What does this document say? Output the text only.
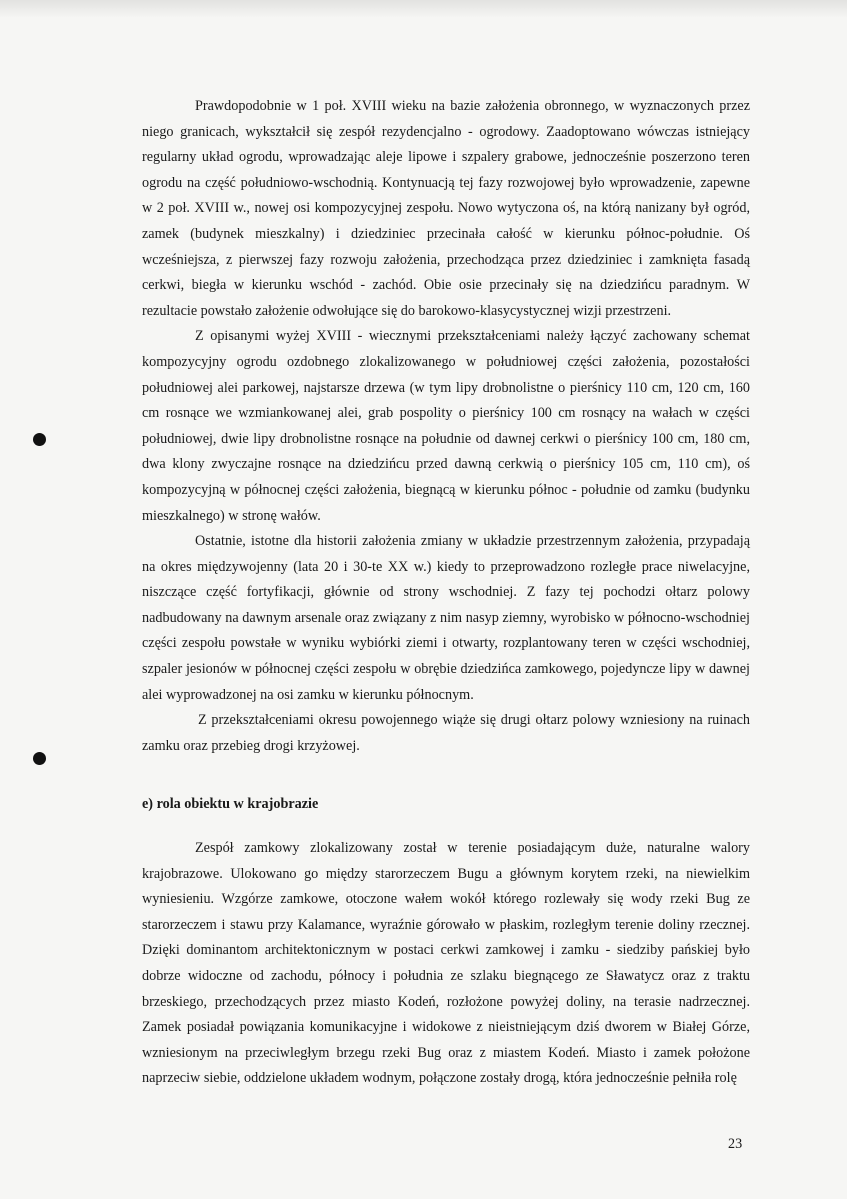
Prawdopodobnie w 1 poł. XVIII wieku na bazie założenia obronnego, w wyznaczonych przez niego granicach, wykształcił się zespół rezydencjalno - ogrodowy. Zaadoptowano wówczas istniejący regularny układ ogrodu, wprowadzając aleje lipowe i szpalery grabowe, jednocześnie poszerzono teren ogrodu na część południowo-wschodnią. Kontynuacją tej fazy rozwojowej było wprowadzenie, zapewne w 2 poł. XVIII w., nowej osi kompozycyjnej zespołu. Nowo wytyczona oś, na którą nanizany był ogród, zamek (budynek mieszkalny) i dziedziniec przecinała całość w kierunku północ-południe. Oś wcześniejsza, z pierwszej fazy rozwoju założenia, przechodząca przez dziedziniec i zamknięta fasadą cerkwi, biegła w kierunku wschód - zachód. Obie osie przecinały się na dziedzińcu paradnym. W rezultacie powstało założenie odwołujące się do barokowo-klasycystycznej wizji przestrzeni.

Z opisanymi wyżej XVIII - wiecznymi przekształceniami należy łączyć zachowany schemat kompozycyjny ogrodu ozdobnego zlokalizowanego w południowej części założenia, pozostałości południowej alei parkowej, najstarsze drzewa (w tym lipy drobnolistne o pierśnicy 110 cm, 120 cm, 160 cm rosnące we wzmiankowanej alei, grab pospolity o pierśnicy 100 cm rosnący na wałach w części południowej, dwie lipy drobnolistne rosnące na południe od dawnej cerkwi o pierśnicy 100 cm, 180 cm, dwa klony zwyczajne rosnące na dziedzińcu przed dawną cerkwią o pierśnicy 105 cm, 110 cm), oś kompozycyjną w północnej części założenia, biegnącą w kierunku północ - południe od zamku (budynku mieszkalnego) w stronę wałów.

Ostatnie, istotne dla historii założenia zmiany w układzie przestrzennym założenia, przypadają na okres międzywojenny (lata 20 i 30-te XX w.) kiedy to przeprowadzono rozległe prace niwelacyjne, niszczące część fortyfikacji, głównie od strony wschodniej. Z fazy tej pochodzi ołtarz polowy nadbudowany na dawnym arsenale oraz związany z nim nasyp ziemny, wyrobisko w północno-wschodniej części zespołu powstałe w wyniku wybiórki ziemi i otwarty, rozplantowany teren w części wschodniej, szpaler jesionów w północnej części zespołu w obrębie dziedzińca zamkowego, pojedyncze lipy w dawnej alei wyprowadzonej na osi zamku w kierunku północnym.

Z przekształceniami okresu powojennego wiąże się drugi ołtarz polowy wzniesiony na ruinach zamku oraz przebieg drogi krzyżowej.

e) rola obiektu w krajobrazie

Zespół zamkowy zlokalizowany został w terenie posiadającym duże, naturalne walory krajobrazowe. Ulokowano go między starorzeczem Bugu a głównym korytem rzeki, na niewielkim wyniesieniu. Wzgórze zamkowe, otoczone wałem wokół którego rozlewały się wody rzeki Bug ze starorzeczem i stawu przy Kalamance, wyraźnie górowało w płaskim, rozległym terenie doliny rzecznej. Dzięki dominantom architektonicznym w postaci cerkwi zamkowej i zamku - siedziby pańskiej było dobrze widoczne od zachodu, północy i południa ze szlaku biegnącego ze Sławatycz oraz z traktu brzeskiego, przechodzących przez miasto Kodeń, rozłożone powyżej doliny, na terasie nadrzecznej. Zamek posiadał powiązania komunikacyjne i widokowe z nieistniejącym dziś dworem w Białej Górze, wzniesionym na przeciwległym brzegu rzeki Bug oraz z miastem Kodeń. Miasto i zamek położone naprzeciw siebie, oddzielone układem wodnym, połączone zostały drogą, która jednocześnie pełniła rolę

23
